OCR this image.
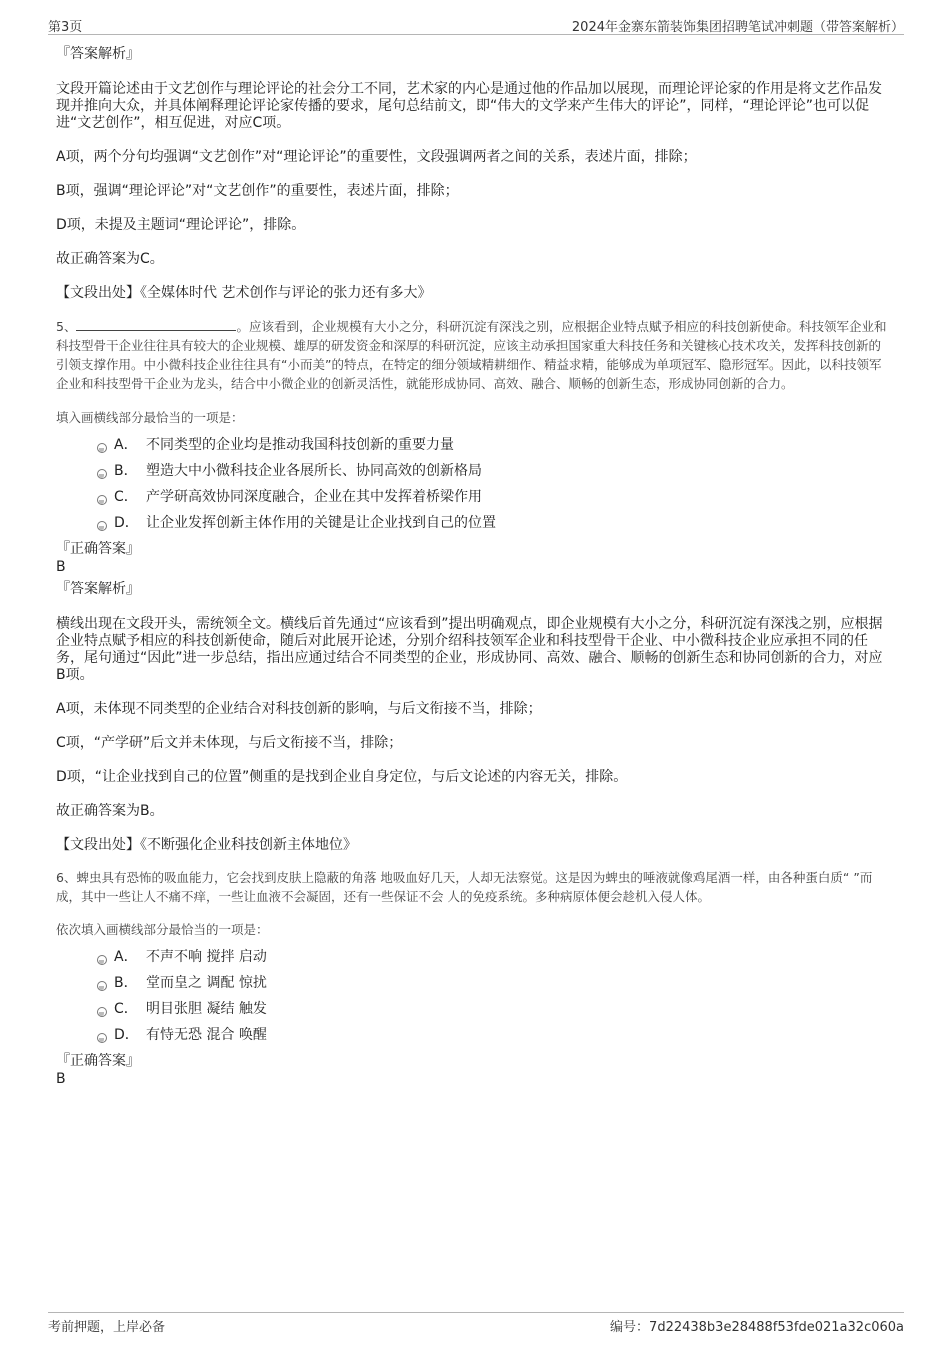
第3页	2024年金寨东箭装饰集团招聘笔试冲刺题（带答案解析）

『答案解析』

文段开篇论述由于文艺创作与理论评论的社会分工不同，艺术家的内心是通过他的作品加以展现，而理论评论家的作用是将文艺作品发现并推向大众，并具体阐释理论评论家传播的要求，尾句总结前文，即“伟大的文学来产生伟大的评论”，同样，“理论评论”也可以促进“文艺创作”，相互促进，对应C项。

A项，两个分句均强调“文艺创作”对“理论评论”的重要性，文段强调两者之间的关系，表述片面，排除；

B项，强调“理论评论”对“文艺创作”的重要性，表述片面，排除；

D项，未提及主题词“理论评论”，排除。

故正确答案为C。

【文段出处】《全媒体时代 艺术创作与评论的张力还有多大》

5、	。应该看到，企业规模有大小之分，科研沉淀有深浅之别，应根据企业特点赋予相应的科技创新使命。科技领军企业和科技型骨干企业往往具有较大的企业规模、雄厚的研发资金和深厚的科研沉淀，应该主动承担国家重大科技任务和关键核心技术攻关，发挥科技创新的引领支撑作用。中小微科技企业往往具有“小而美”的特点，在特定的细分领域精耕细作、精益求精，能够成为单项冠军、隐形冠军。因此，以科技领军企业和科技型骨干企业为龙头，结合中小微企业的创新灵活性，就能形成协同、高效、融合、顺畅的创新生态，形成协同创新的合力。

填入画横线部分最恰当的一项是：

A． 不同类型的企业均是推动我国科技创新的重要力量
B． 塑造大中小微科技企业各展所长、协同高效的创新格局
C． 产学研高效协同深度融合，企业在其中发挥着桥梁作用
D． 让企业发挥创新主体作用的关键是让企业找到自己的位置

『正确答案』

B

『答案解析』

横线出现在文段开头，需统领全文。横线后首先通过“应该看到”提出明确观点，即企业规模有大小之分，科研沉淀有深浅之别，应根据企业特点赋予相应的科技创新使命，随后对此展开论述，分别介绍科技领军企业和科技型骨干企业、中小微科技企业应承担不同的任务，尾句通过“因此”进一步总结，指出应通过结合不同类型的企业，形成协同、高效、融合、顺畅的创新生态和协同创新的合力，对应B项。

A项，未体现不同类型的企业结合对科技创新的影响，与后文衔接不当，排除；

C项，“产学研”后文并未体现，与后文衔接不当，排除；

D项，“让企业找到自己的位置”侧重的是找到企业自身定位，与后文论述的内容无关，排除。

故正确答案为B。

【文段出处】《不断强化企业科技创新主体地位》

6、蜱虫具有恐怖的吸血能力，它会找到皮肤上隐蔽的角落 地吸血好几天，人却无法察觉。这是因为蜱虫的唾液就像鸡尾酒一样，由各种蛋白质“ ”而成，其中一些让人不痛不痒，一些让血液不会凝固，还有一些保证不会 人的免疫系统。多种病原体便会趁机入侵人体。

依次填入画横线部分最恰当的一项是：

A． 不声不响 搅拌 启动
B． 堂而皇之 调配 惊扰
C． 明目张胆 凝结 触发
D． 有恃无恐 混合 唤醒

『正确答案』

B

考前押题，上岸必备	编号：7d22438b3e28488f53fde021a32c060a
